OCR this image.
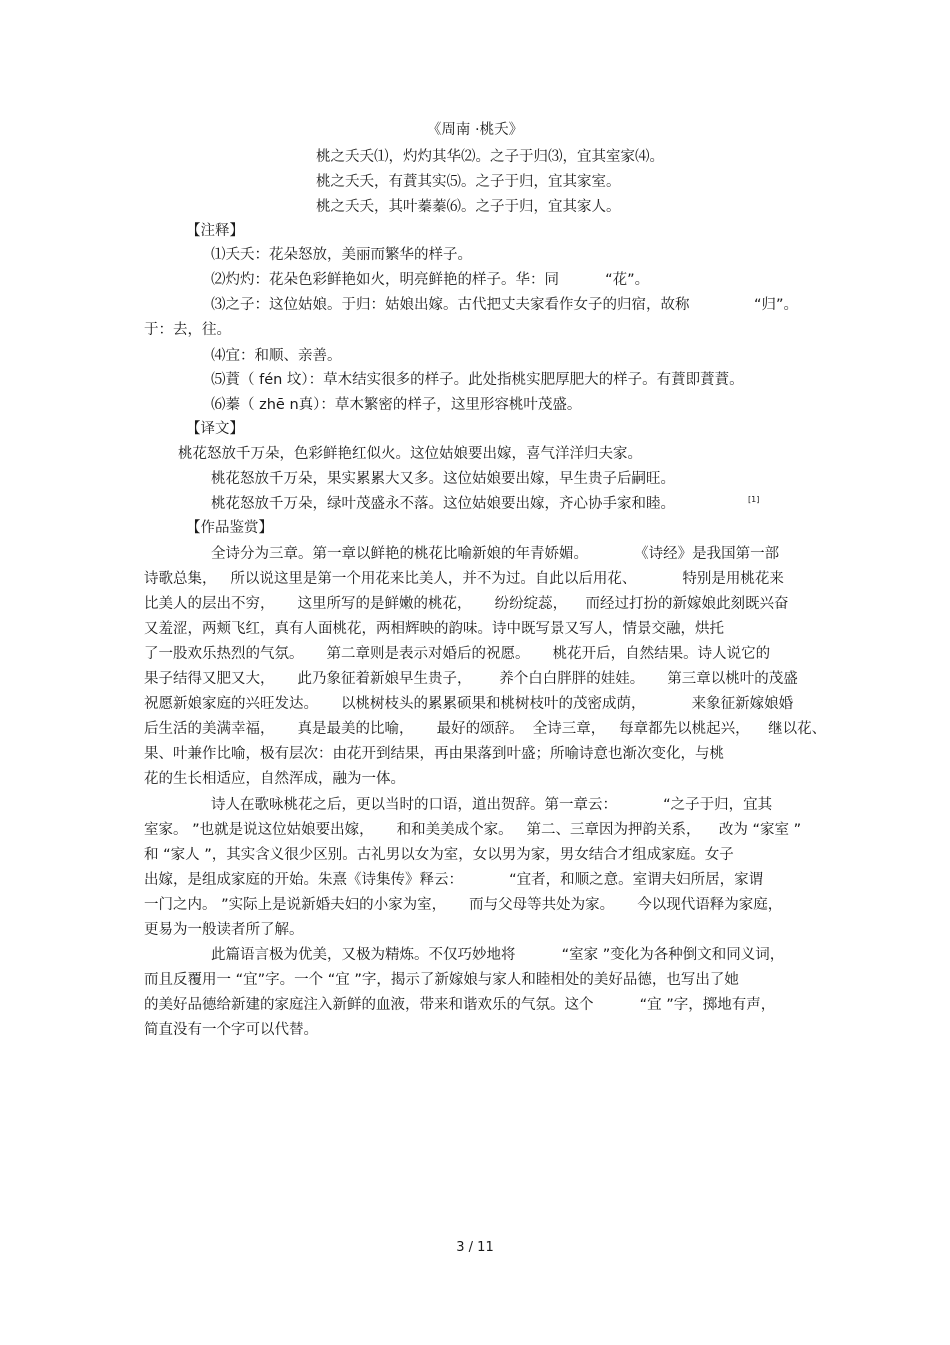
《周南 ·桃夭》
桃之夭夭⑴，灼灼其华⑵。之子于归⑶，宜其室家⑷。
桃之夭夭，有蕡其实⑸。之子于归，宜其家室。
桃之夭夭，其叶蓁蓁⑹。之子于归，宜其家人。
【注释】
⑴夭夭：花朵怒放，美丽而繁华的样子。
⑵灼灼：花朵色彩鲜艳如火，明亮鲜艳的样子。华：同          “花”。
⑶之子：这位姑娘。于归：姑娘出嫁。古代把丈夫家看作女子的归宿，故称              “归”。
于：去，往。
⑷宜：和顺、亲善。
⑸蕡（ fén 坟）：草木结实很多的样子。此处指桃实肥厚肥大的样子。有蕡即蕡蕡。
⑹蓁（ zhē n真）：草木繁密的样子，这里形容桃叶茂盛。
【译文】
桃花怒放千万朵，色彩鲜艳红似火。这位姑娘要出嫁，喜气洋洋归夫家。
桃花怒放千万朵，果实累累大又多。这位姑娘要出嫁，早生贵子后嗣旺。
桃花怒放千万朵，绿叶茂盛永不落。这位姑娘要出嫁，齐心协手家和睦。	[1]
【作品鉴赏】
全诗分为三章。第一章以鲜艳的桃花比喻新娘的年青娇媚。          《诗经》是我国第一部
诗歌总集，   所以说这里是第一个用花来比美人，并不为过。自此以后用花、          特别是用桃花来
比美人的层出不穷，     这里所写的是鲜嫩的桃花，     纷纷绽蕊，    而经过打扮的新嫁娘此刻既兴奋
又羞涩，两颊飞红，真有人面桃花，两相辉映的韵味。诗中既写景又写人，情景交融，烘托
了一股欢乐热烈的气氛。     第二章则是表示对婚后的祝愿。     桃花开后，自然结果。诗人说它的
果子结得又肥又大，     此乃象征着新娘早生贵子，      养个白白胖胖的娃娃。     第三章以桃叶的茂盛
祝愿新娘家庭的兴旺发达。     以桃树枝头的累累硕果和桃树枝叶的茂密成荫，          来象征新嫁娘婚
后生活的美满幸福，     真是最美的比喻，     最好的颂辞。  全诗三章，   每章都先以桃起兴，    继以花、
果、叶兼作比喻，极有层次：由花开到结果，再由果落到叶盛；所喻诗意也渐次变化，与桃
花的生长相适应，自然浑成，融为一体。
诗人在歌咏桃花之后，更以当时的口语，道出贺辞。第一章云：          “之子于归，宜其
室家。 ”也就是说这位姑娘要出嫁，     和和美美成个家。   第二、三章因为押韵关系，    改为 “家室 ”
和 “家人 ”，其实含义很少区别。古礼男以女为室，女以男为家，男女结合才组成家庭。女子
出嫁，是组成家庭的开始。朱熹《诗集传》释云：          “宜者，和顺之意。室谓夫妇所居，家谓
一门之内。 ”实际上是说新婚夫妇的小家为室，     而与父母等共处为家。     今以现代语释为家庭，
更易为一般读者所了解。
此篇语言极为优美，又极为精炼。不仅巧妙地将          “室家 ”变化为各种倒文和同义词，
而且反覆用一 “宜”字。一个 “宜 ”字，揭示了新嫁娘与家人和睦相处的美好品德，也写出了她
的美好品德给新建的家庭注入新鲜的血液，带来和谐欢乐的气氛。这个          “宜 ”字，掷地有声，
简直没有一个字可以代替。
3 / 11
